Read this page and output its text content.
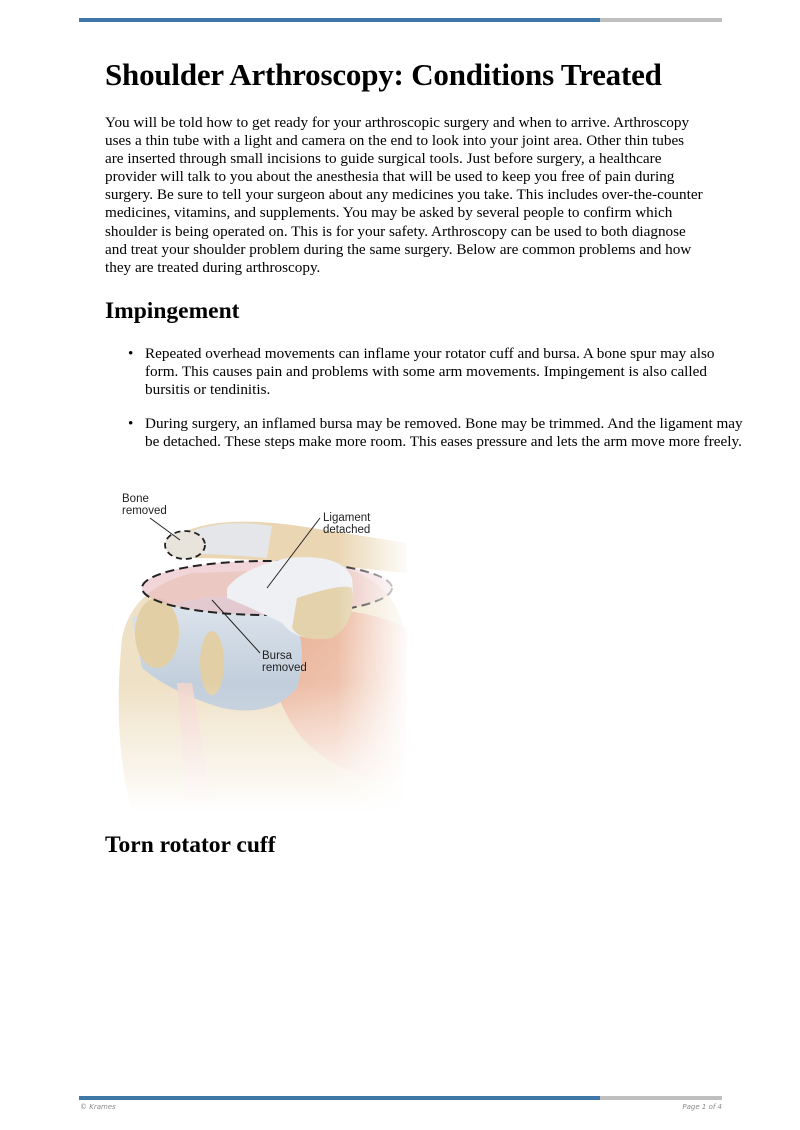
Shoulder Arthroscopy: Conditions Treated

You will be told how to get ready for your arthroscopic surgery and when to arrive. Arthroscopy uses a thin tube with a light and camera on the end to look into your joint area. Other thin tubes are inserted through small incisions to guide surgical tools. Just before surgery, a healthcare provider will talk to you about the anesthesia that will be used to keep you free of pain during surgery. Be sure to tell your surgeon about any medicines you take. This includes over-the-counter medicines, vitamins, and supplements. You may be asked by several people to confirm which shoulder is being operated on. This is for your safety. Arthroscopy can be used to both diagnose and treat your shoulder problem during the same surgery. Below are common problems and how they are treated during arthroscopy.

Impingement
• Repeated overhead movements can inflame your rotator cuff and bursa. A bone spur may also form. This causes pain and problems with some arm movements. Impingement is also called bursitis or tendinitis.
• During surgery, an inflamed bursa may be removed. Bone may be trimmed. And the ligament may be detached. These steps make more room. This eases pressure and lets the arm move more freely.
Bone
removed
Ligament
detached
Bursa
removed
Torn rotator cuff
© Krames	Page 1 of 4
